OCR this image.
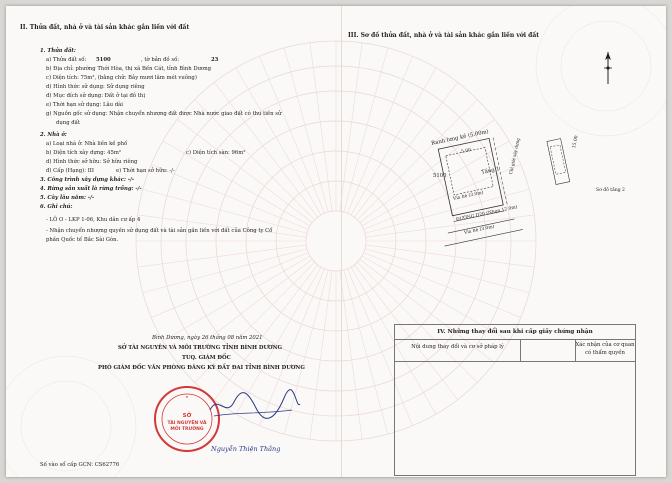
II. Thửa đất, nhà ở và tài sản khác gắn liền với đất
1. Thửa đất:
a) Thửa đất số: 5100	, tờ bản đồ số:	23
b) Địa chỉ: phường Thới Hòa, thị xã Bến Cát, tỉnh Bình Dương
c) Diện tích: 75m², (bằng chữ: Bảy mươi lăm mét vuông)
d) Hình thức sử dụng: Sử dụng riêng
đ) Mục đích sử dụng: Đất ở tại đô thị
e) Thời hạn sử dụng: Lâu dài
g) Nguồn gốc sử dụng: Nhận chuyển nhượng đất được Nhà nước giao đất có thu tiền sử
dụng đất
2. Nhà ở:
a) Loại nhà ở: Nhà liền kề phố
b) Diện tích xây dựng: 45m²	c) Diện tích sàn: 96m²
d) Hình thức sở hữu: Sở hữu riêng
đ) Cấp (Hạng): III	e) Thời hạn sở hữu: -/-
3. Công trình xây dựng khác: -/-
4. Rừng sản xuất là rừng trồng: -/-
5. Cây lâu năm: -/-
6. Ghi chú:
- LÔ O - LKP 1-06, Khu dân cư ấp 4
- Nhận chuyển nhượng quyền sử dụng đất và tài sản gắn liền với đất của Công ty Cổ
phần Quốc tế Bắc Sài Gòn.
Bình Dương, ngày 26 tháng 08 năm 2021
SỞ TÀI NGUYÊN VÀ MÔI TRƯỜNG TỈNH BÌNH DƯƠNG
TUQ. GIÁM ĐỐC
PHÓ GIÁM ĐỐC VĂN PHÒNG ĐĂNG KÝ ĐẤT ĐAI TỈNH BÌNH DƯƠNG
SỞ
TÀI NGUYÊN VÀ
MÔI TRƯỜNG
★
Nguyễn Thiện Thắng
Số vào sổ cấp GCN: CS62776
III. Sơ đồ thửa đất, nhà ở và tài sản khác gắn liền với đất
Ranh lưng kề (5.00m)
5.00
Tầng 1
5100
Chỉ giới xây dựng
Vỉa hè (3.0m)
ĐƯỜNG D20 (Nhựa 12.0m)
Vỉa hè (3.0m)
15.00
Sơ đồ tầng 2
IV. Những thay đổi sau khi cấp giấy chứng nhận
Nội dung thay đổi và cơ sở pháp lý	Xác nhận của cơ quan
có thẩm quyền
